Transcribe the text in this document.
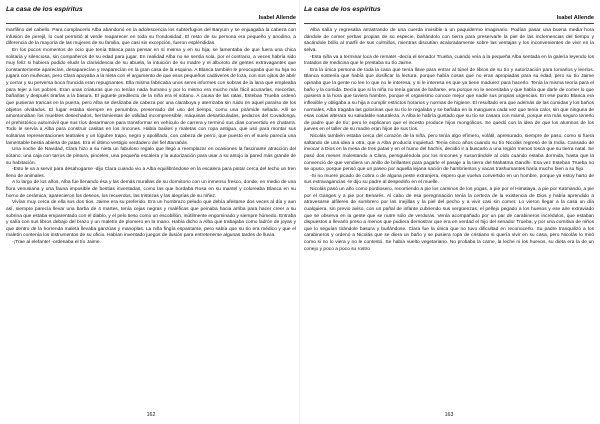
La casa de los espíritus
Isabel Allende

marfilino del cabello. Para complacerlo Alba abandonó en la adolescencia los subterfugios del Baryum y se enjuagaba la cabeza con infusión de perejil, lo cual permitió al verde reaparecer en toda su frondosidad. El resto de su persona era pequeño y anodino, a diferencia de la mayoría de las mujeres de su familia, que casi sin excepción, fueron espléndidas.

En los pocos momentos de ocio que tenía Blanca para pensar en sí misma y en su hija, se lamentaba de que fuera una chica solitaria y silenciosa, sin compañeros de su edad para jugar. En realidad Alba no se sentía sola, por el contrario, a veces habría sido muy feliz si hubiera podido eludir la clarividencia de su abuela, la intuición de su madre y el alboroto de gentes extravagantes que constantemente aparecían, desaparecían y reaparecían en la gran casa de la esquina. A Blanca también le preocupaba que su hija no jugara con muñecas, pero Clara apoyaba a la nieta con el argumento de que esos pequeños cadáveres de loza, con sus ojitos de abrir y cerrar y su perversa boca fruncida eran repugnantes. Ella misma fabricaba unos seres informes con sobras de la lana que empleaba para tejer a los pobres. Eran unas criaturas que no tenían nada humano y por lo mismo era mucho más fácil acunarlas, mecerlas, bañarlas y después tirarlas a la basura. El juguete predilecto de la niña era el sótano. A causa de las ratas, Esteban Trueba ordenó que pusieran trancas en la puerta, pero Alba se deslizaba de cabeza por una claraboya y aterrizaba sin ruido en aquel paraíso de los objetos olvidados. El lugar estaba siempre en penumbra, preservado del uso del tiempo, como una pirámide sellada. Allí se amontonaban los muebles desechados, herramientas de utilidad incomprensible, máquinas desarticuladas, pedazos del Covadonga, el prehistórico automóvil que sus tíos desarmaron para transformar en vehículo de carrera y terminó sus días convertido en chatarra. Todo le servía a Alba para construir casitas en los rincones. Había baúles y maletas con ropa antigua, que usó para montar sus solitarias representaciones teatrales y un lúgubre trapo, negro y apolillado, con cabeza de perro, que puesto en el suelo parecía una lamentable bestia abierta de patas. Era el último vestigio verdadero del fiel Barrabás.

Una noche de Navidad, Clara hizo a su nieta un fabuloso regalo que llegó a reemplazar en ocasiones la fascinante atracción del sótano: una caja con tarros de pintura, pinceles, una pequeña escalera y la autorización para usar a su antojo la pared más grande de su habitación.

-Esto le va a servir para desahogarse -dijo Clara cuando vio a Alba equilibrándose en la escalera para pintar cerca del techo un tren lleno de animales.

A lo largo de los años, Alba fue llenando ésa y las demás murallas de su dormitorio con un inmenso fresco, donde, en medio de una flora venusiana y una fauna imposible de bestias inventadas, como las que bordaba Rosa en su mantel y coloreaba Blanca en su horno de cerámica, aparecieron los deseos, los recuerdos, las tristezas y las alegrías de su niñez.

Vivían muy cerca de ella sus dos tíos. Jaime era su preferido. Era un hombrazo peludo que debía afeitarse dos veces al día y aun así, siempre parecía llevar una barba de 4 martes, tenía cejas negras y maléficas que peinaba hacia arriba para hacer creer a su sobrina que estaba emparentado con el diablo, y el pelo tieso como un escobillón, inútilmente engominado y siempre húmedo. Entraba y salía con sus libros debajo del brazo y un maletín de plomero en la mano. Había dicho a Alba que trabajaba como ladrón de joyas y que dentro de la horrenda maleta llevaba ganzúas y manoplas. La niña fingía espantarse, pero sabía que su tío era médico y que el maletín contenía los instrumentos de su oficio. Habían inventado juegos de ilusión para entretenerse algunas tardes de lluvia.

-¡Trae al elefante! -ordenaba el tío Jaime.

162
La casa de los espíritus
Isabel Allende

Alba salía y regresaba arrastrando de una cuerda invisible a un paquidermo imaginario. Podían pasar una buena media hora dándole de comer yerbas propias de su especie, bañándolo con tierra para preservarle la piel de las inclemencias del tiempo y sacándole brillo al marfil de sus colmillos, mientras discutían acaloradamente sobre las ventajas y los inconvenientes de vivir en la selva.

-Esta niña va a terminar loca de remate! -decía el senador Trueba, cuando veía a la pequeña Alba sentada en la galería leyendo los tratados de medicina que le prestaba su tío Jaime.

Era la única persona de toda la casa que tenía llave para entrar al túnel de libros de su tío y autorización para tomarlos y leerlos. Blanca sostenía que había que dosificar la lectura, porque había cosas que no eran apropiadas para su edad, pero su tío Jaime opinaba que la gente no lee lo que no le interesa, y si le interesa es que ya tiene madurez para hacerlo. Tenía la misma teoría para el baño y la comida. Decía que si la niña no tenía ganas de bañarse, era porque no le necesitaba y que había que darle de comer lo que quisiera a la hora que tuviera hambre, porque el organismo conoce mejor que nadie sus propias urgencias. En ese punto Blanca era inflexible y obligaba a su hija a cumplir estrictos horarios y normas de higiene. El resultado era que además de las comidas y los baños normales, Alba tragaba las golosinas que su tío le regalaba y se bañaba en la manguera cada vez que tenía calor, sin que ninguna de esas cosas alterara su saludable naturaleza. A Alba le habría gustado que su tío se casara con mamá, porque era más seguro tenerlo de padre que de tío; pero le explicaron que el incesto produce hijos mongólicos. Se quedó con la idea de que los alumnos de los jueves en el taller de su madre eran hijos de sus tíos.

Nicolás también estaba cerca del corazón de la niña, pero tenía algo efímero, volátil, apresurado, siempre de paso, como si fuera saltando de una idea a otra, que a Alba producía inquietud. Tenía cinco años cuando su tío Nicolás regresó de la India. Cansado de invocar a Dios en la mesa de tres patas y en el humo del hachís, decidió ir a buscarlo a una región menos tosca que su tierra natal. Se pasó dos meses molestando a Clara, persiguiéndola por los rincones y susurrándole al oído cuando estaba dormida, hasta que la convenció de que vendiera un anillo de brillantes para pagarle el pasaje a la tierra del Mahatma Gandhi. Esa vez Esteban Trueba no se opuso, porque pensó que un paseo por aquella lejana nación de hambrientos y vacas trashumantes haría mucho bien a su hijo.

-Si no muere picado de cobra o de alguna peste extranjera, espero que vuelva convertido en un hombre, porque ya estoy harto de sus extravagancias -le dijo su padre al despedirlo en el muelle.

Nicolás pasó un año como pordiosero, recorriendo a pie los caminos de los yogas, a pie por el Himalaya, a pie por Katmandú, a pie por el Ganges y a pie por Benarés. Al cabo de esa peregrinación tenía la certeza de la existencia de Dios y había aprendido a atravesarse alfileres de sombrero por las mejillas y la piel del pecho y a vivir casi sin comer. Lo vieron llegar a la casa un día cualquiera, sin previo aviso, con un pañal de infante cubriendo sus vergüenzas, el pellejo pegado a los huesos y ese aire extraviado que se observa en la gente que se nutre sólo de verduras. Venía acompañado por un par de carabineros incrédulos, que estaban dispuestos a llevarlo preso a menos que pudiera demostrar que era en verdad el hijo del senador Trueba, y por una comitiva de niños que lo seguían tirándole basura y burlándose. Clara fue la única que no tuvo dificultad en reconocerlo. Su padre tranquilizó a los carabineros y ordenó a Nicolás que se diera un baño y se pusiera ropa de cristiano si quería vivir en su casa, pero Nicolás lo miró como si no lo viera y no le contestó. Se había vuelto vegetariano. No probaba la carne, la leche ni los huevos, su dieta era la de un conejo y poco a poco su rostro

163
